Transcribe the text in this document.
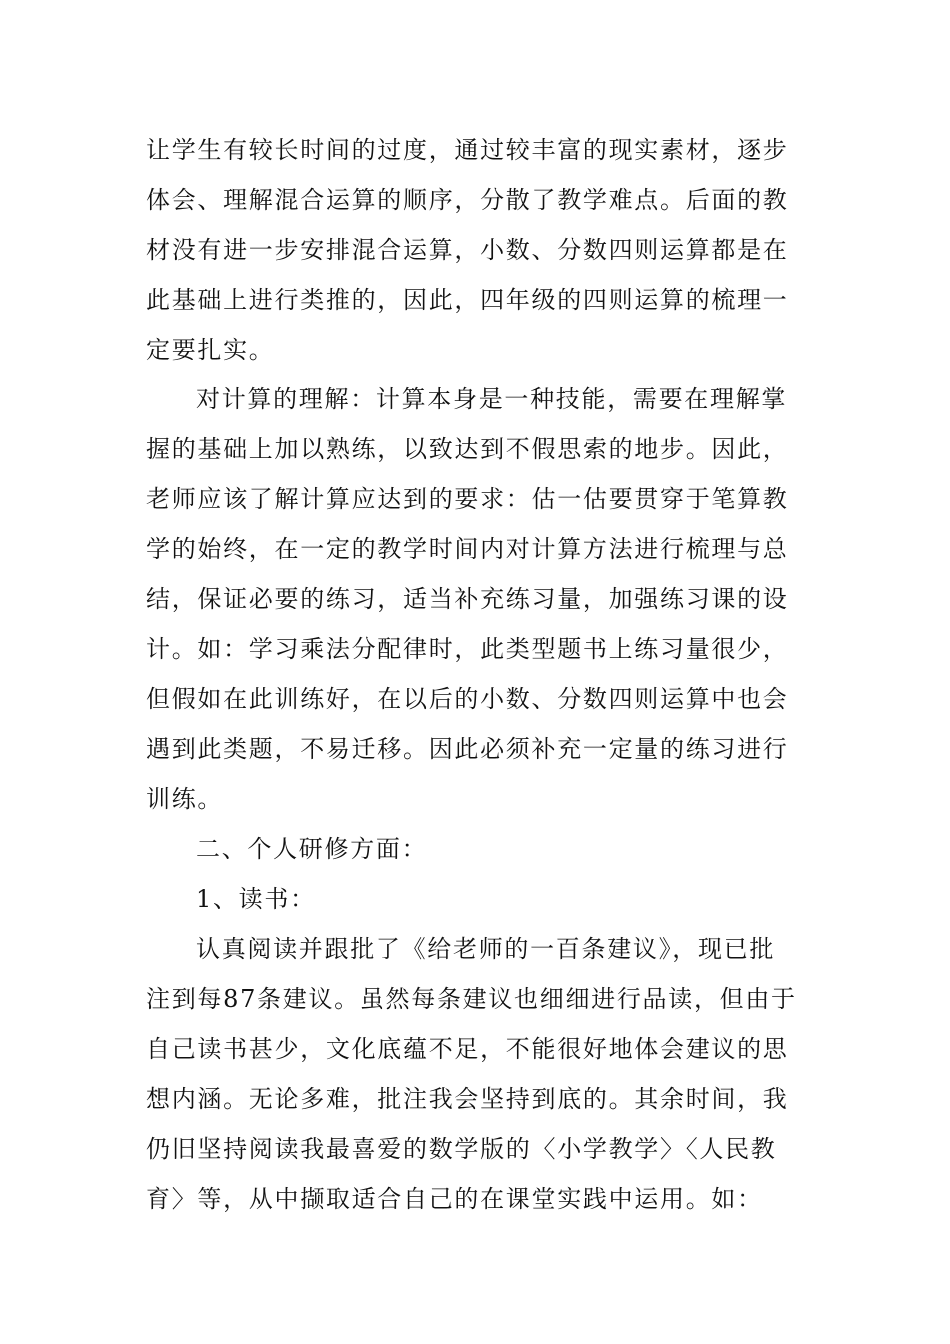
让学生有较长时间的过度，通过较丰富的现实素材，逐步
体会、理解混合运算的顺序，分散了教学难点。后面的教
材没有进一步安排混合运算，小数、分数四则运算都是在
此基础上进行类推的，因此，四年级的四则运算的梳理一
定要扎实。
对计算的理解：计算本身是一种技能，需要在理解掌
握的基础上加以熟练，以致达到不假思索的地步。因此，
老师应该了解计算应达到的要求：估一估要贯穿于笔算教
学的始终，在一定的教学时间内对计算方法进行梳理与总
结，保证必要的练习，适当补充练习量，加强练习课的设
计。如：学习乘法分配律时，此类型题书上练习量很少，
但假如在此训练好，在以后的小数、分数四则运算中也会
遇到此类题，不易迁移。因此必须补充一定量的练习进行
训练。
二、个人研修方面：
1、读书：
认真阅读并跟批了《给老师的一百条建议》，现已批
注到每87条建议。虽然每条建议也细细进行品读，但由于
自己读书甚少，文化底蕴不足，不能很好地体会建议的思
想内涵。无论多难，批注我会坚持到底的。其余时间，我
仍旧坚持阅读我最喜爱的数学版的〈小学教学〉〈人民教
育〉等，从中撷取适合自己的在课堂实践中运用。如：
